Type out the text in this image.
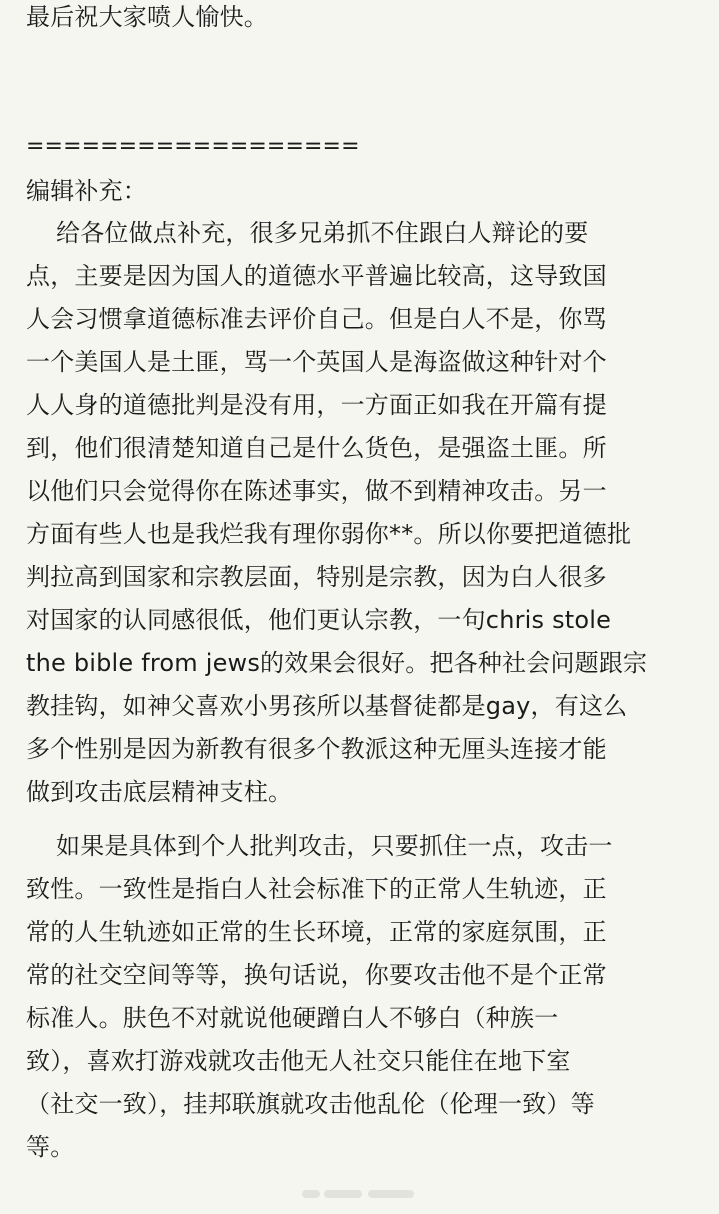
最后祝大家喷人愉快。
==================
编辑补充：
给各位做点补充，很多兄弟抓不住跟白人辩论的要
点，主要是因为国人的道德水平普遍比较高，这导致国
人会习惯拿道德标准去评价自己。但是白人不是，你骂
一个美国人是土匪，骂一个英国人是海盗做这种针对个
人人身的道德批判是没有用，一方面正如我在开篇有提
到，他们很清楚知道自己是什么货色，是强盗土匪。所
以他们只会觉得你在陈述事实，做不到精神攻击。另一
方面有些人也是我烂我有理你弱你**。所以你要把道德批
判拉高到国家和宗教层面，特别是宗教，因为白人很多
对国家的认同感很低，他们更认宗教，一句chris stole
the bible from jews的效果会很好。把各种社会问题跟宗
教挂钩，如神父喜欢小男孩所以基督徒都是gay，有这么
多个性别是因为新教有很多个教派这种无厘头连接才能
做到攻击底层精神支柱。
如果是具体到个人批判攻击，只要抓住一点，攻击一
致性。一致性是指白人社会标准下的正常人生轨迹，正
常的人生轨迹如正常的生长环境，正常的家庭氛围，正
常的社交空间等等，换句话说，你要攻击他不是个正常
标准人。肤色不对就说他硬蹭白人不够白（种族一
致），喜欢打游戏就攻击他无人社交只能住在地下室
（社交一致），挂邦联旗就攻击他乱伦（伦理一致）等
等。
